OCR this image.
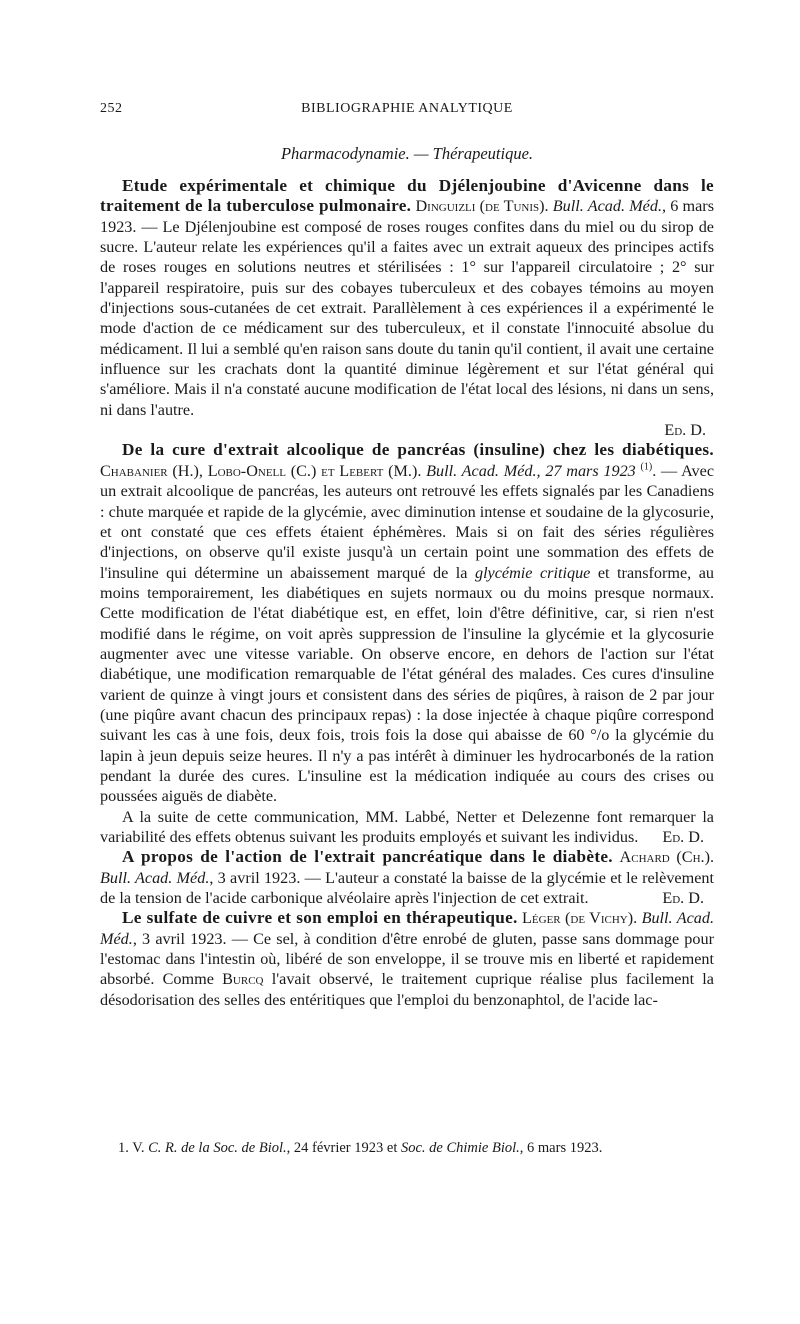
252	BIBLIOGRAPHIE ANALYTIQUE
Pharmacodynamie. — Thérapeutique.

Etude expérimentale et chimique du Djélenjoubine d'Avicenne dans le traitement de la tuberculose pulmonaire. Dinguizli (de Tunis). Bull. Acad. Méd., 6 mars 1923. — Le Djélenjoubine est composé de roses rouges confites dans du miel ou du sirop de sucre. L'auteur relate les expériences qu'il a faites avec un extrait aqueux des principes actifs de roses rouges en solutions neutres et stérilisées : 1° sur l'appareil circulatoire ; 2° sur l'appareil respiratoire, puis sur des cobayes tuberculeux et des cobayes témoins au moyen d'injections sous-cutanées de cet extrait. Parallèlement à ces expériences il a expérimenté le mode d'action de ce médicament sur des tuberculeux, et il constate l'innocuité absolue du médicament. Il lui a semblé qu'en raison sans doute du tanin qu'il contient, il avait une certaine influence sur les crachats dont la quantité diminue légèrement et sur l'état général qui s'améliore. Mais il n'a constaté aucune modification de l'état local des lésions, ni dans un sens, ni dans l'autre.

Ed. D.

De la cure d'extrait alcoolique de pancréas (insuline) chez les diabétiques. Chabanier (H.), Lobo-Onell (C.) et Lebert (M.). Bull. Acad. Méd., 27 mars 1923 $^{(1)}$. — Avec un extrait alcoolique de pancréas, les auteurs ont retrouvé les effets signalés par les Canadiens : chute marquée et rapide de la glycémie, avec diminution intense et soudaine de la glycosurie, et ont constaté que ces effets étaient éphémères. Mais si on fait des séries régulières d'injections, on observe qu'il existe jusqu'à un certain point une sommation des effets de l'insuline qui détermine un abaissement marqué de la glycémie critique et transforme, au moins temporairement, les diabétiques en sujets normaux ou du moins presque normaux. Cette modification de l'état diabétique est, en effet, loin d'être définitive, car, si rien n'est modifié dans le régime, on voit après suppression de l'insuline la glycémie et la glycosurie augmenter avec une vitesse variable. On observe encore, en dehors de l'action sur l'état diabétique, une modification remarquable de l'état général des malades. Ces cures d'insuline varient de quinze à vingt jours et consistent dans des séries de piqûres, à raison de 2 par jour (une piqûre avant chacun des principaux repas) : la dose injectée à chaque piqûre correspond suivant les cas à une fois, deux fois, trois fois la dose qui abaisse de 60 °/o la glycémie du lapin à jeun depuis seize heures. Il n'y a pas intérêt à diminuer les hydrocarbonés de la ration pendant la durée des cures. L'insuline est la médication indiquée au cours des crises ou poussées aiguës de diabète.

A la suite de cette communication, MM. Labbé, Netter et Delezenne font remarquer la variabilité des effets obtenus suivant les produits employés et suivant les individus.	Ed. D.

A propos de l'action de l'extrait pancréatique dans le diabète. Achard (Ch.). Bull. Acad. Méd., 3 avril 1923. — L'auteur a constaté la baisse de la glycémie et le relèvement de la tension de l'acide carbonique alvéolaire après l'injection de cet extrait.	Ed. D.

Le sulfate de cuivre et son emploi en thérapeutique. Léger (de Vichy). Bull. Acad. Méd., 3 avril 1923. — Ce sel, à condition d'être enrobé de gluten, passe sans dommage pour l'estomac dans l'intestin où, libéré de son enveloppe, il se trouve mis en liberté et rapidement absorbé. Comme Burcq l'avait observé, le traitement cuprique réalise plus facilement la désodorisation des selles des entéritiques que l'emploi du benzonaphtol, de l'acide lac-

1. V. C. R. de la Soc. de Biol., 24 février 1923 et Soc. de Chimie Biol., 6 mars 1923.
